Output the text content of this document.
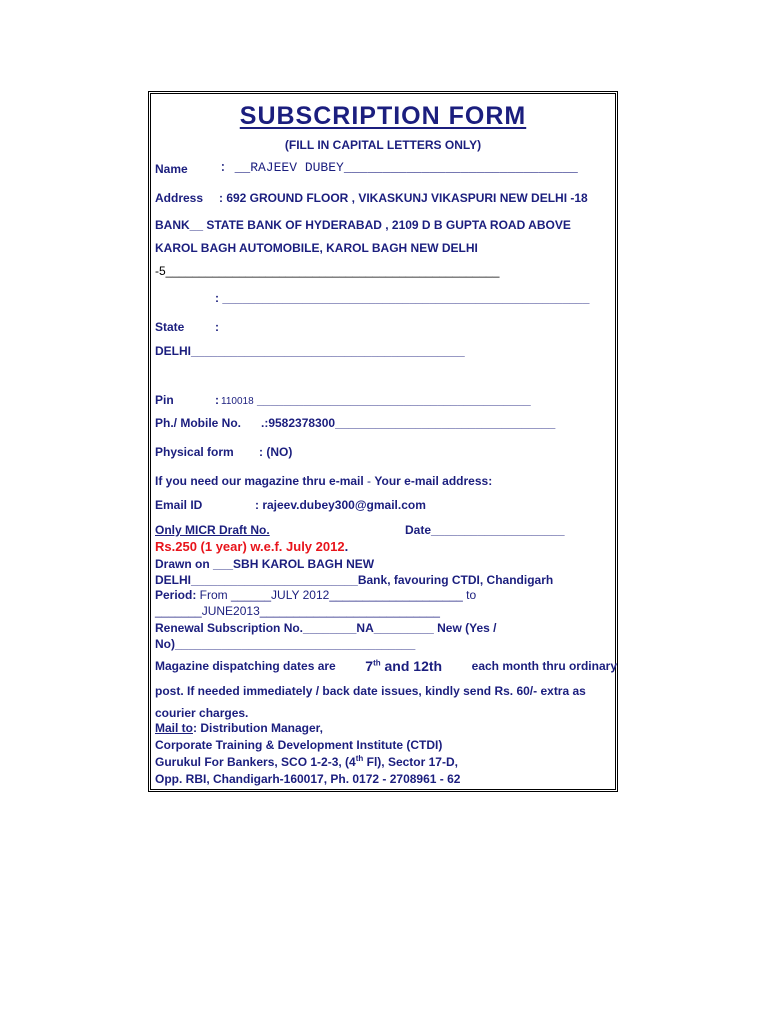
SUBSCRIPTION FORM
(FILL IN CAPITAL LETTERS ONLY)
Name : __RAJEEV DUBEY______________________________
Address : 692 GROUND FLOOR , VIKASKUNJ VIKASPURI NEW DELHI -18
BANK__ STATE BANK OF HYDERABAD , 2109 D B GUPTA ROAD ABOVE
KAROL BAGH AUTOMOBILE, KAROL BAGH NEW DELHI
-5__________________________________________________
: _______________________________________________________
State	:
DELHI_________________________________________
Pin	: 110018 _________________________________________
Ph./ Mobile No. .:9582378300_________________________________
Physical form : (NO)
If you need our magazine thru e-mail - Your e-mail address:
Email ID	: rajeev.dubey300@gmail.com
Only MICR Draft No.	Date____________________
Rs.250 (1 year) w.e.f. July 2012.
Drawn on ___SBH KAROL BAGH NEW
DELHI_________________________Bank, favouring CTDI, Chandigarh
Period: From ______JULY 2012____________________ to
_______JUNE2013___________________________
Renewal Subscription No.________NA_________ New (Yes /
No)____________________________________
Magazine dispatching dates are 7th and 12th each month thru ordinary
post. If needed immediately / back date issues, kindly send Rs. 60/- extra as
courier charges.
Mail to: Distribution Manager,
Corporate Training & Development Institute (CTDI)
Gurukul For Bankers, SCO 1-2-3, (4th Fl), Sector 17-D,
Opp. RBI, Chandigarh-160017, Ph. 0172 - 2708961 - 62
